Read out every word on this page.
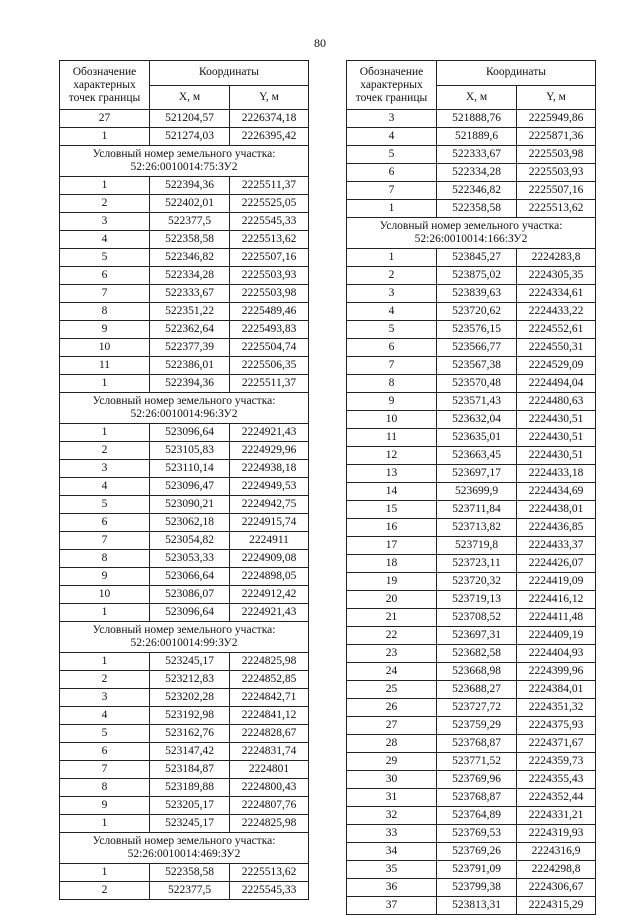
80
Обозначение характерных точек границы	Координаты	
	X, м	Y, м
27	521204,57	2226374,18
1	521274,03	2226395,42

Условный номер земельного участка:
52:26:0010014:75:ЗУ2		

1	522394,36	2225511,37
2	522402,01	2225525,05
3	522377,5	2225545,33
4	522358,58	2225513,62
5	522346,82	2225507,16
6	522334,28	2225503,93
7	522333,67	2225503,98
8	522351,22	2225489,46
9	522362,64	2225493,83
10	522377,39	2225504,74
11	522386,01	2225506,35
1	522394,36	2225511,37

Условный номер земельного участка:
52:26:0010014:96:ЗУ2		

1	523096,64	2224921,43
2	523105,83	2224929,96
3	523110,14	2224938,18
4	523096,47	2224949,53
5	523090,21	2224942,75
6	523062,18	2224915,74
7	523054,82	2224911
8	523053,33	2224909,08
9	523066,64	2224898,05
10	523086,07	2224912,42
1	523096,64	2224921,43

Условный номер земельного участка:
52:26:0010014:99:ЗУ2		

1	523245,17	2224825,98
2	523212,83	2224852,85
3	523202,28	2224842,71
4	523192,98	2224841,12
5	523162,76	2224828,67
6	523147,42	2224831,74
7	523184,87	2224801
8	523189,88	2224800,43
9	523205,17	2224807,76
1	523245,17	2224825,98

Условный номер земельного участка:
52:26:0010014:469:ЗУ2		

1	522358,58	2225513,62
2	522377,5	2225545,33
Обозначение характерных точек границы	Координаты	
	X, м	Y, м
3	521888,76	2225949,86
4	521889,6	2225871,36
5	522333,67	2225503,98
6	522334,28	2225503,93
7	522346,82	2225507,16
1	522358,58	2225513,62

Условный номер земельного участка:
52:26:0010014:166:ЗУ2		

1	523845,27	2224283,8
2	523875,02	2224305,35
3	523839,63	2224334,61
4	523720,62	2224433,22
5	523576,15	2224552,61
6	523566,77	2224550,31
7	523567,38	2224529,09
8	523570,48	2224494,04
9	523571,43	2224480,63
10	523632,04	2224430,51
11	523635,01	2224430,51
12	523663,45	2224430,51
13	523697,17	2224433,18
14	523699,9	2224434,69
15	523711,84	2224438,01
16	523713,82	2224436,85
17	523719,8	2224433,37
18	523723,11	2224426,07
19	523720,32	2224419,09
20	523719,13	2224416,12
21	523708,52	2224411,48
22	523697,31	2224409,19
23	523682,58	2224404,93
24	523668,98	2224399,96
25	523688,27	2224384,01
26	523727,72	2224351,32
27	523759,29	2224375,93
28	523768,87	2224371,67
29	523771,52	2224359,73
30	523769,96	2224355,43
31	523768,87	2224352,44
32	523764,89	2224331,21
33	523769,53	2224319,93
34	523769,26	2224316,9
35	523791,09	2224298,8
36	523799,38	2224306,67
37	523813,31	2224315,29
